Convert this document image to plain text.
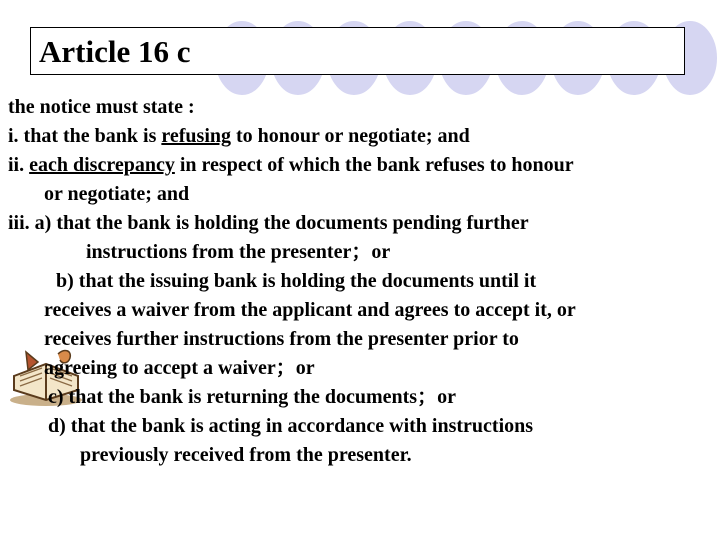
Article 16 c
the notice must state :
i. that the bank is refusing to honour or negotiate; and
ii. each discrepancy in respect of which the bank refuses to honour
or negotiate; and
iii. a) that the bank is holding the documents pending further
instructions from the presenter；or
b) that the issuing bank is holding the documents until it
receives a waiver from the applicant and agrees to accept it, or
receives further instructions from the presenter prior to
agreeing to accept a waiver；or
c) that the bank is returning the documents；or
d) that the bank is acting in accordance with instructions
previously received from the presenter.
